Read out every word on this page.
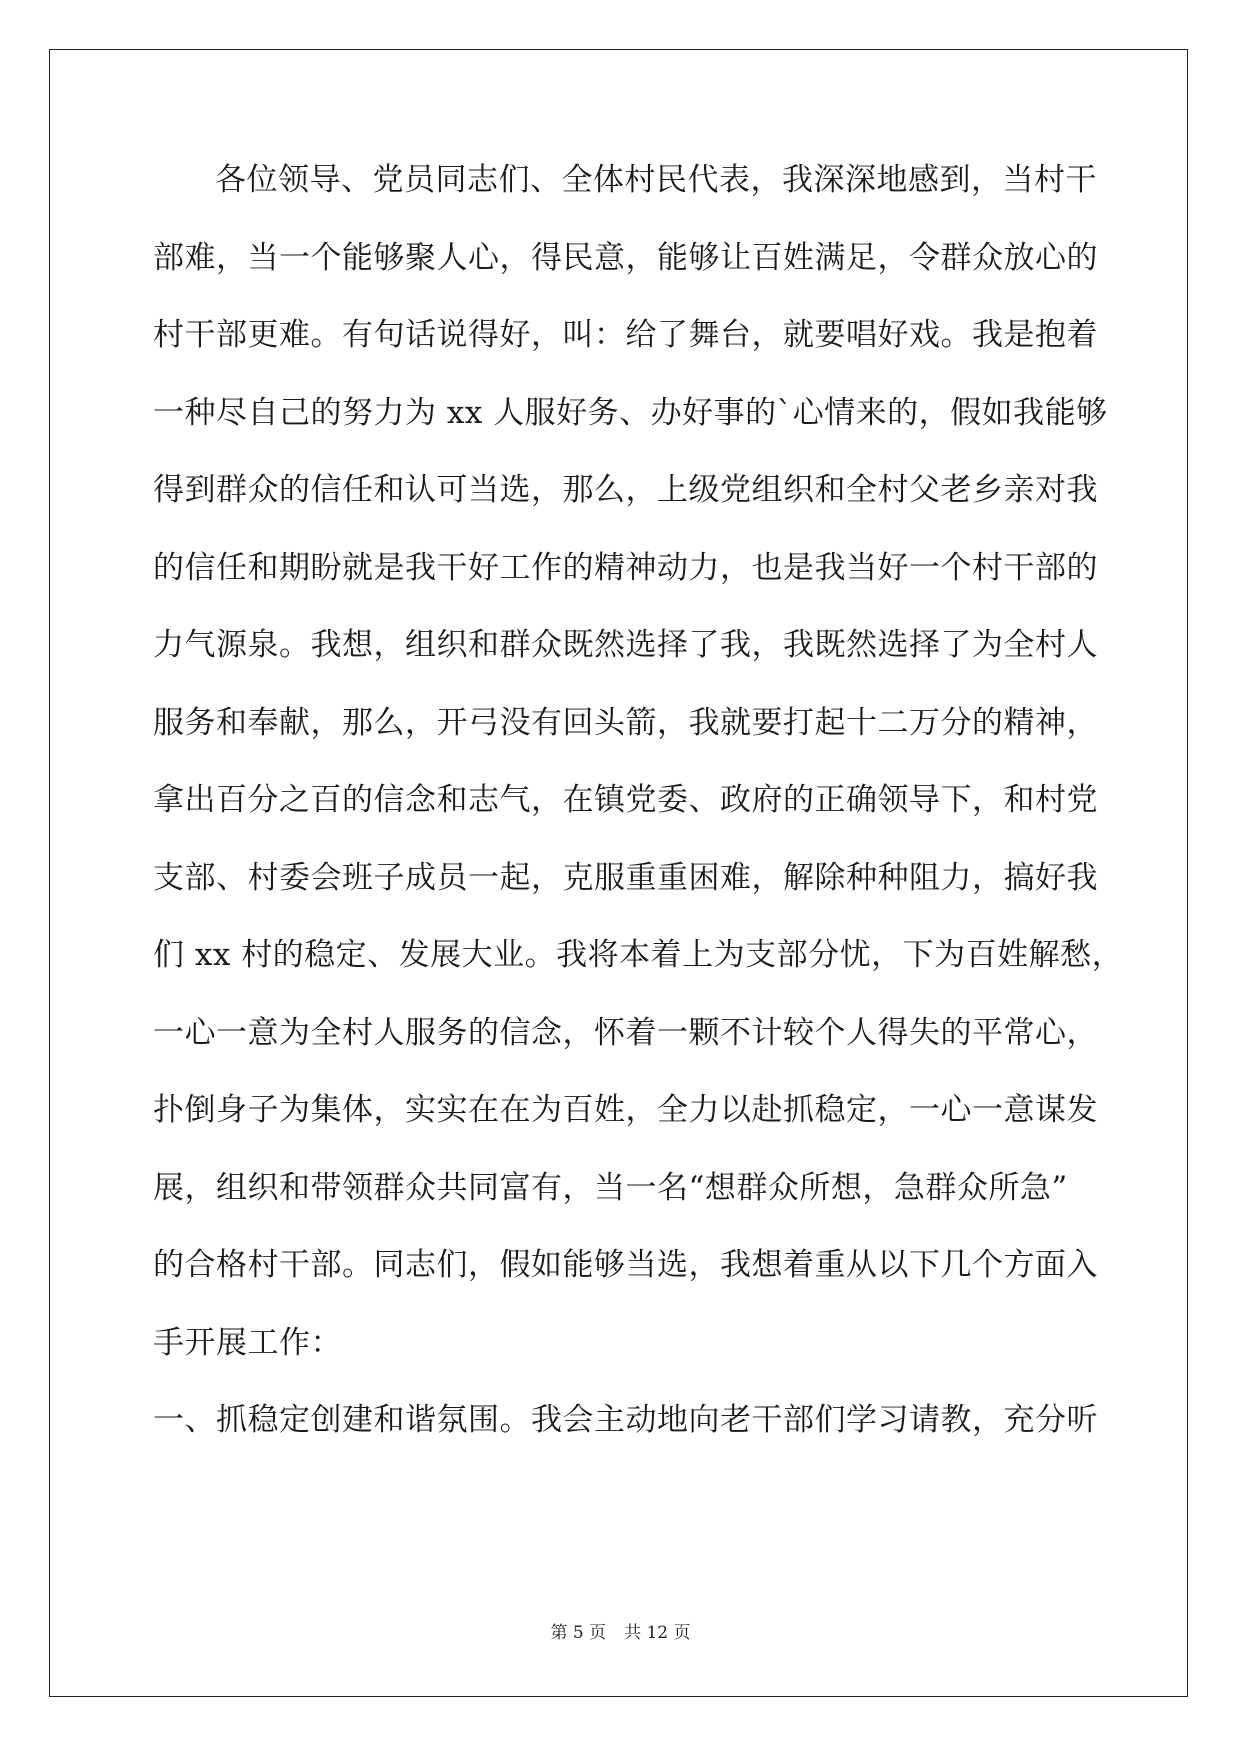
各位领导、党员同志们、全体村民代表，我深深地感到，当村干
部难，当一个能够聚人心，得民意，能够让百姓满足，令群众放心的
村干部更难。有句话说得好，叫：给了舞台，就要唱好戏。我是抱着
一种尽自己的努力为 xx 人服好务、办好事的`心情来的，假如我能够
得到群众的信任和认可当选，那么，上级党组织和全村父老乡亲对我
的信任和期盼就是我干好工作的精神动力，也是我当好一个村干部的
力气源泉。我想，组织和群众既然选择了我，我既然选择了为全村人
服务和奉献，那么，开弓没有回头箭，我就要打起十二万分的精神，
拿出百分之百的信念和志气，在镇党委、政府的正确领导下，和村党
支部、村委会班子成员一起，克服重重困难，解除种种阻力，搞好我
们 xx 村的稳定、发展大业。我将本着上为支部分忧，下为百姓解愁，
一心一意为全村人服务的信念，怀着一颗不计较个人得失的平常心，
扑倒身子为集体，实实在在为百姓，全力以赴抓稳定，一心一意谋发
展，组织和带领群众共同富有，当一名“想群众所想，急群众所急”
的合格村干部。同志们，假如能够当选，我想着重从以下几个方面入
手开展工作：
一、抓稳定创建和谐氛围。我会主动地向老干部们学习请教，充分听
第 5 页 共 12 页
